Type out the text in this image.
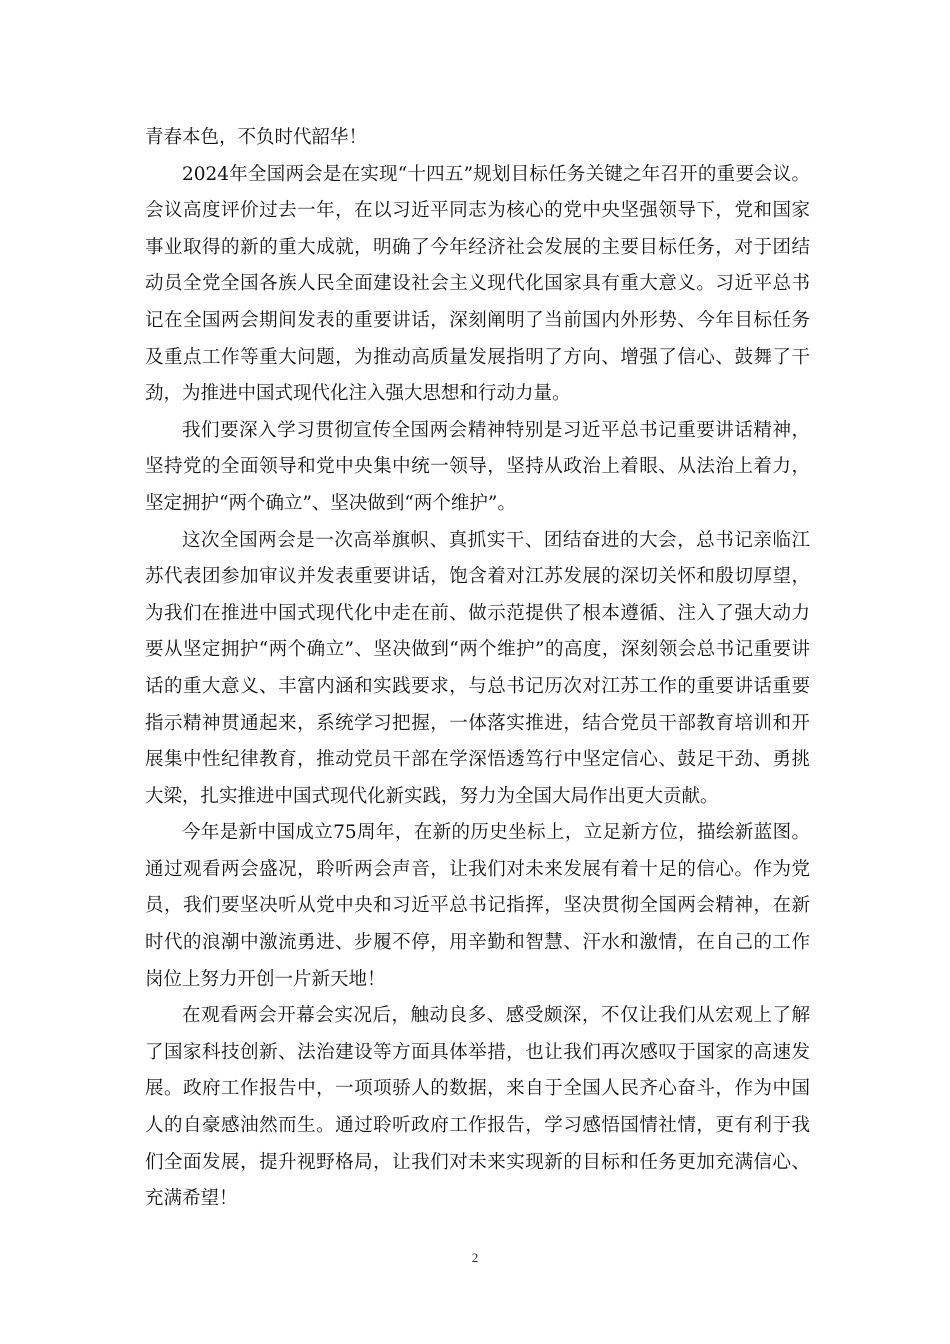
青春本色，不负时代韶华！

2024年全国两会是在实现“十四五”规划目标任务关键之年召开的重要会议。会议高度评价过去一年，在以习近平同志为核心的党中央坚强领导下，党和国家事业取得的新的重大成就，明确了今年经济社会发展的主要目标任务，对于团结动员全党全国各族人民全面建设社会主义现代化国家具有重大意义。习近平总书记在全国两会期间发表的重要讲话，深刻阐明了当前国内外形势、今年目标任务及重点工作等重大问题，为推动高质量发展指明了方向、增强了信心、鼓舞了干劲，为推进中国式现代化注入强大思想和行动力量。

我们要深入学习贯彻宣传全国两会精神特别是习近平总书记重要讲话精神，坚持党的全面领导和党中央集中统一领导，坚持从政治上着眼、从法治上着力，坚定拥护“两个确立”、坚决做到“两个维护”。

这次全国两会是一次高举旗帜、真抓实干、团结奋进的大会，总书记亲临江苏代表团参加审议并发表重要讲话，饱含着对江苏发展的深切关怀和殷切厚望，为我们在推进中国式现代化中走在前、做示范提供了根本遵循、注入了强大动力要从坚定拥护“两个确立”、坚决做到“两个维护”的高度，深刻领会总书记重要讲话的重大意义、丰富内涵和实践要求，与总书记历次对江苏工作的重要讲话重要指示精神贯通起来，系统学习把握，一体落实推进，结合党员干部教育培训和开展集中性纪律教育，推动党员干部在学深悟透笃行中坚定信心、鼓足干劲、勇挑大梁，扎实推进中国式现代化新实践，努力为全国大局作出更大贡献。

今年是新中国成立75周年，在新的历史坐标上，立足新方位，描绘新蓝图。通过观看两会盛况，聆听两会声音，让我们对未来发展有着十足的信心。作为党员，我们要坚决听从党中央和习近平总书记指挥，坚决贯彻全国两会精神，在新时代的浪潮中激流勇进、步履不停，用辛勤和智慧、汗水和激情，在自己的工作岗位上努力开创一片新天地！

在观看两会开幕会实况后，触动良多、感受颇深，不仅让我们从宏观上了解了国家科技创新、法治建设等方面具体举措，也让我们再次感叹于国家的高速发展。政府工作报告中，一项项骄人的数据，来自于全国人民齐心奋斗，作为中国人的自豪感油然而生。通过聆听政府工作报告，学习感悟国情社情，更有利于我们全面发展，提升视野格局，让我们对未来实现新的目标和任务更加充满信心、充满希望！

2
